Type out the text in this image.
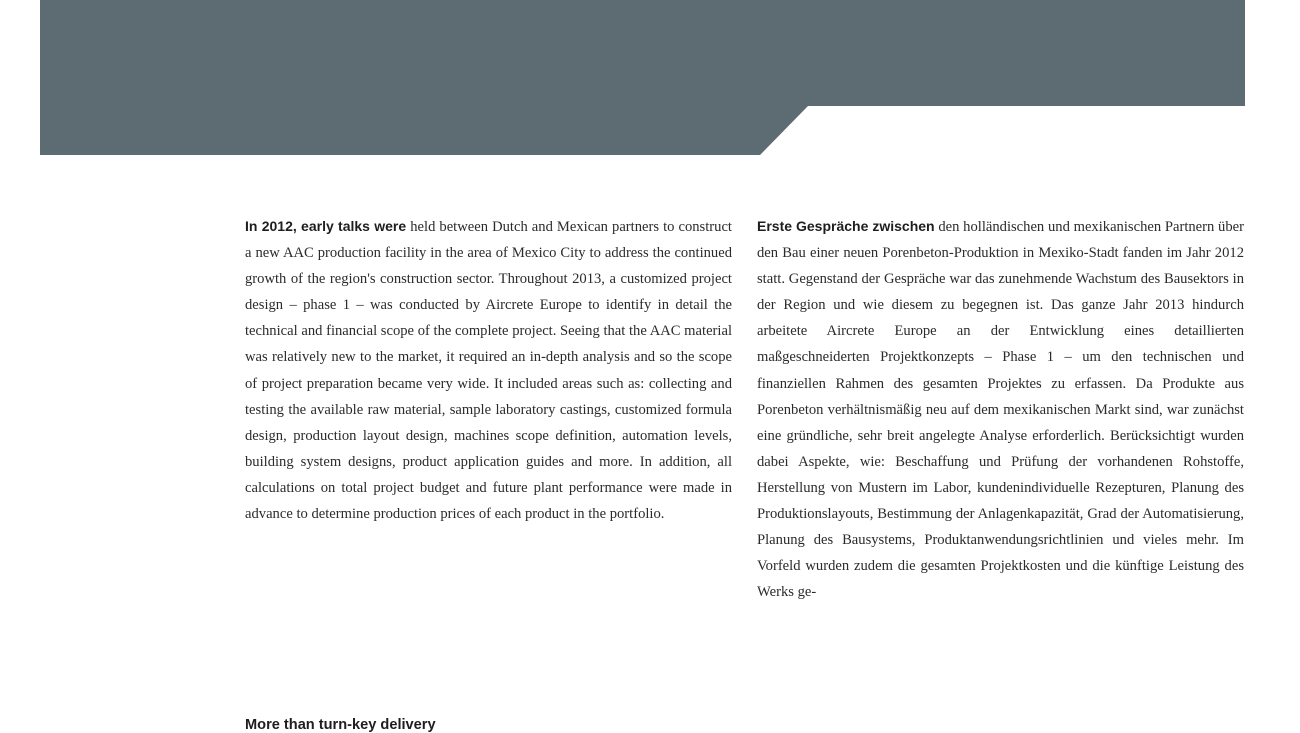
In 2012, early talks were held between Dutch and Mexican partners to construct a new AAC production facility in the area of Mexico City to address the continued growth of the region's construction sector. Throughout 2013, a customized project design – phase 1 – was conducted by Aircrete Europe to identify in detail the technical and financial scope of the complete project. Seeing that the AAC material was relatively new to the market, it required an in-depth analysis and so the scope of project preparation became very wide. It included areas such as: collecting and testing the available raw material, sample laboratory castings, customized formula design, production layout design, machines scope definition, automation levels, building system designs, product application guides and more. In addition, all calculations on total project budget and future plant performance were made in advance to determine production prices of each product in the portfolio.
Erste Gespräche zwischen den holländischen und mexikanischen Partnern über den Bau einer neuen Porenbeton-Produktion in Mexiko-Stadt fanden im Jahr 2012 statt. Gegenstand der Gespräche war das zunehmende Wachstum des Bausektors in der Region und wie diesem zu begegnen ist. Das ganze Jahr 2013 hindurch arbeitete Aircrete Europe an der Entwicklung eines detaillierten maßgeschneiderten Projektkonzepts – Phase 1 – um den technischen und finanziellen Rahmen des gesamten Projektes zu erfassen. Da Produkte aus Porenbeton verhältnismäßig neu auf dem mexikanischen Markt sind, war zunächst eine gründliche, sehr breit angelegte Analyse erforderlich. Berücksichtigt wurden dabei Aspekte, wie: Beschaffung und Prüfung der vorhandenen Rohstoffe, Herstellung von Mustern im Labor, kundenindividuelle Rezepturen, Planung des Produktionslayouts, Bestimmung der Anlagenkapazität, Grad der Automatisierung, Planung des Bausystems, Produktanwendungsrichtlinien und vieles mehr. Im Vorfeld wurden zudem die gesamten Projektkosten und die künftige Leistung des Werks ge-
More than turn-key delivery
